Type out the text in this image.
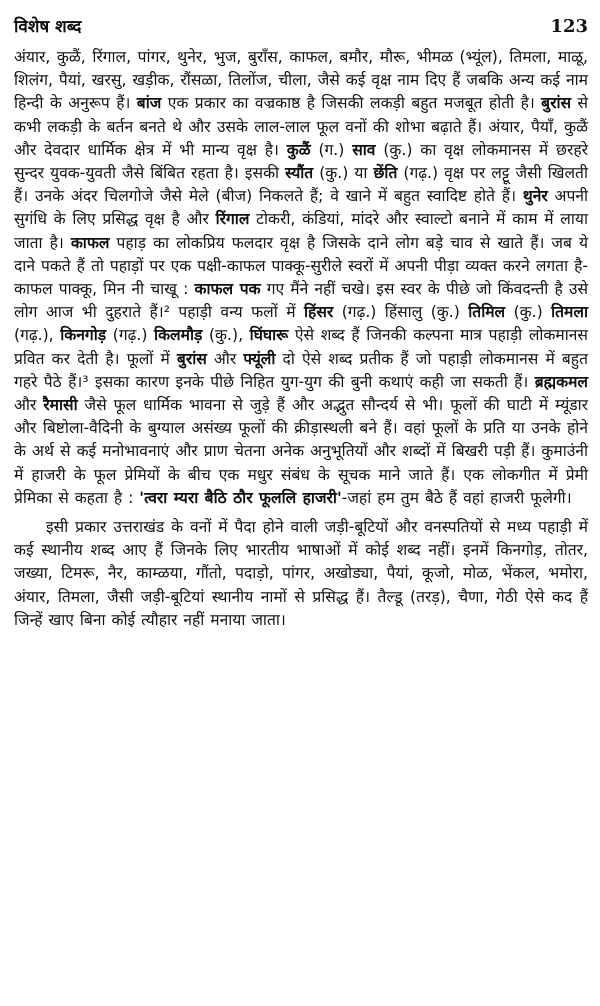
विशेष शब्द	123

अंयार, कुळैं, रिंगाल, पांगर, थुनेर, भुज, बुराँस, काफल, बमौर, मौरू, भीमळ (भ्यूंल), तिमला, माळू, शिलंग, पैयां, खरसु, खड़ीक, रौंसळा, तिलोंज, चीला, जैसे कई वृक्ष नाम दिए हैं जबकि अन्य कई नाम हिन्दी के अनुरूप हैं। बांज एक प्रकार का वज्रकाष्ठ है जिसकी लकड़ी बहुत मजबूत होती है। बुरांस से कभी लकड़ी के बर्तन बनते थे और उसके लाल-लाल फूल वनों की शोभा बढ़ाते हैं। अंयार, पैयाँ, कुळैं और देवदार धार्मिक क्षेत्र में भी मान्य वृक्ष है। कुळैं (ग.) साव (कु.) का वृक्ष लोकमानस में छरहरे सुन्दर युवक-युवती जैसे बिंबित रहता है। इसकी स्यौंत (कु.) या छेंति (गढ़.) वृक्ष पर लट्टू जैसी खिलती हैं। उनके अंदर चिलगोजे जैसे मेले (बीज) निकलते हैं; वे खाने में बहुत स्वादिष्ट होते हैं। थुनेर अपनी सुगंधि के लिए प्रसिद्ध वृक्ष है और रिंगाल टोकरी, कंडियां, मांदरे और स्वाल्टो बनाने में काम में लाया जाता है। काफल पहाड़ का लोकप्रिय फलदार वृक्ष है जिसके दाने लोग बड़े चाव से खाते हैं। जब ये दाने पकते हैं तो पहाड़ों पर एक पक्षी-काफल पाक्कू-सुरीले स्वरों में अपनी पीड़ा व्यक्त करने लगता है-काफल पाक्कू, मिन नी चाखू : काफल पक गए मैंने नहीं चखे। इस स्वर के पीछे जो किंवदन्ती है उसे लोग आज भी दुहराते हैं।² पहाड़ी वन्य फलों में हिंसर (गढ़.) हिंसालु (कु.) तिमिल (कु.) तिमला (गढ़.), किनगोड़ (गढ़.) किलमौड़ (कु.), घिंघारू ऐसे शब्द हैं जिनकी कल्पना मात्र पहाड़ी लोकमानस प्रवित कर देती है। फूलों में बुरांस और फ्यूंली दो ऐसे शब्द प्रतीक हैं जो पहाड़ी लोकमानस में बहुत गहरे पैठे हैं।³ इसका कारण इनके पीछे निहित युग-युग की बुनी कथाएं कही जा सकती हैं। ब्रह्मकमल और रैमासी जैसे फूल धार्मिक भावना से जुड़े हैं और अद्भुत सौन्दर्य से भी। फूलों की घाटी में म्यूंडार और बिष्टोला-वैदिनी के बुग्याल असंख्य फूलों की क्रीड़ास्थली बने हैं। वहां फूलों के प्रति या उनके होने के अर्थ से कई मनोभावनाएं और प्राण चेतना अनेक अनुभूतियों और शब्दों में बिखरी पड़ी हैं। कुमाउंनी में हाजरी के फूल प्रेमियों के बीच एक मधुर संबंध के सूचक माने जाते हैं। एक लोकगीत में प्रेमी प्रेमिका से कहता है : 'त्वरा म्यरा बैठि ठौर फूललि हाजरी'-जहां हम तुम बैठे हैं वहां हाजरी फूलेगी।

इसी प्रकार उत्तराखंड के वनों में पैदा होने वाली जड़ी-बूटियों और वनस्पतियों से मध्य पहाड़ी में कई स्थानीय शब्द आए हैं जिनके लिए भारतीय भाषाओं में कोई शब्द नहीं। इनमें किनगोड़, तोतर, जख्या, टिमरू, नैर, काम्ळया, गौंतो, पदाड़ो, पांगर, अखोड्या, पैयां, कूजो, मोळ, भेंकल, भमोरा, अंयार, तिमला, जैसी जड़ी-बूटियां स्थानीय नामों से प्रसिद्ध हैं। तैल्डू (तरड़), चैणा, गेठी ऐसे कद हैं जिन्हें खाए बिना कोई त्यौहार नहीं मनाया जाता।
